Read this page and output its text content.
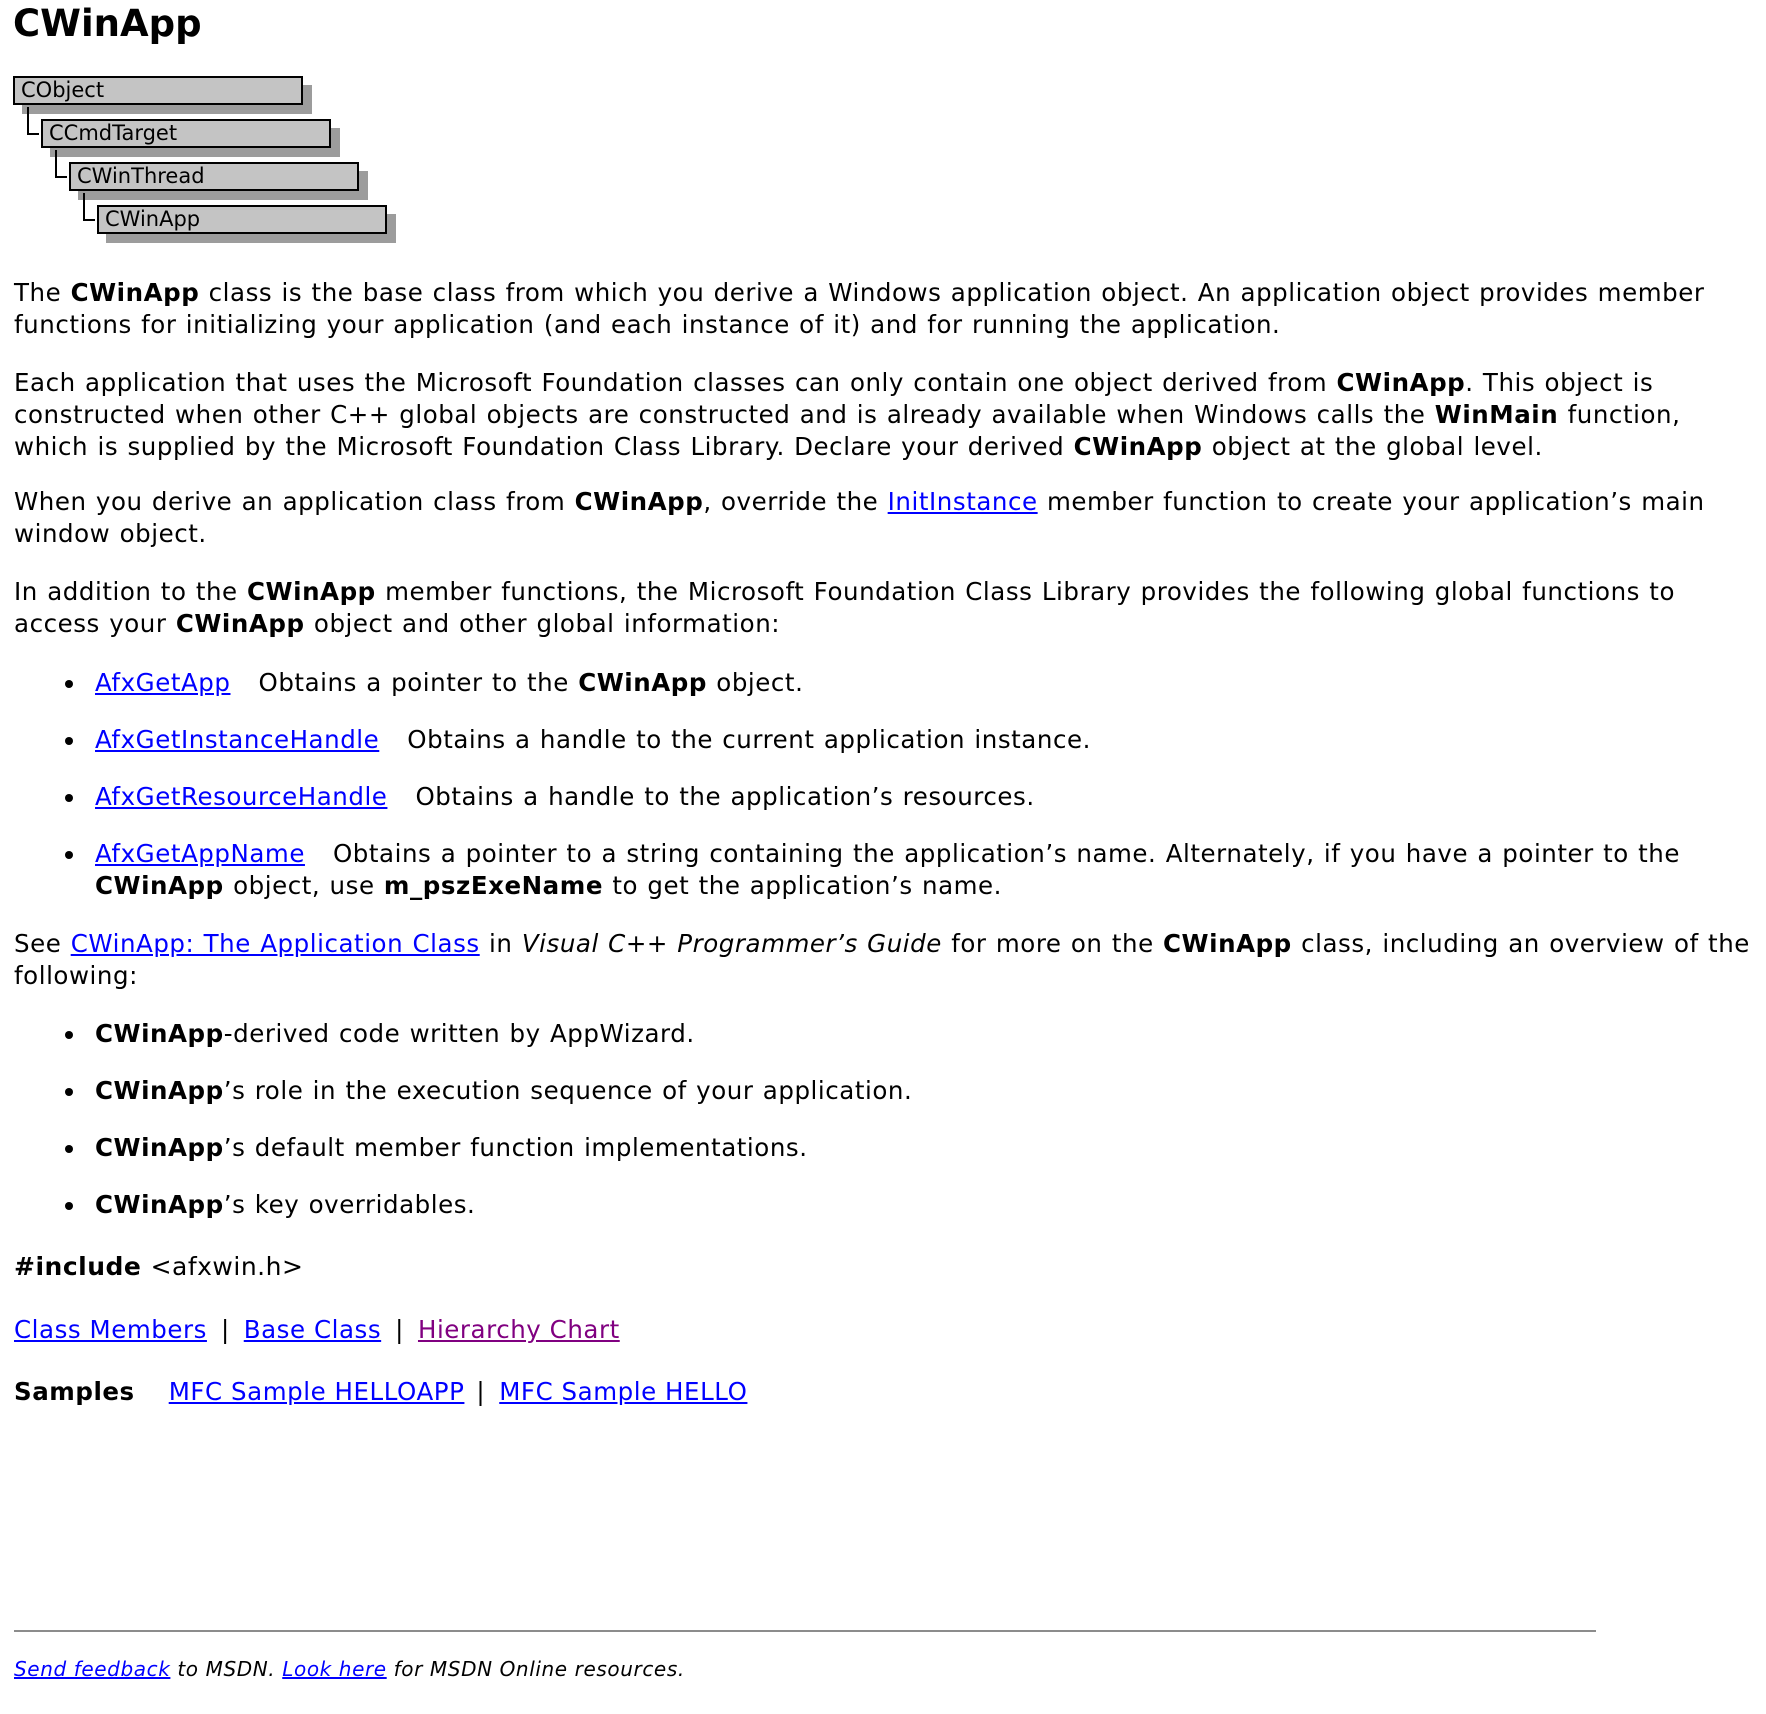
CWinApp
CObject
CCmdTarget
CWinThread
CWinApp

The CWinApp class is the base class from which you derive a Windows application object. An application object provides member functions for initializing your application (and each instance of it) and for running the application.

Each application that uses the Microsoft Foundation classes can only contain one object derived from CWinApp. This object is constructed when other C++ global objects are constructed and is already available when Windows calls the WinMain function, which is supplied by the Microsoft Foundation Class Library. Declare your derived CWinApp object at the global level.

When you derive an application class from CWinApp, override the InitInstance member function to create your application’s main window object.

In addition to the CWinApp member functions, the Microsoft Foundation Class Library provides the following global functions to access your CWinApp object and other global information:

AfxGetApp Obtains a pointer to the CWinApp object.
AfxGetInstanceHandle Obtains a handle to the current application instance.
AfxGetResourceHandle Obtains a handle to the application’s resources.
AfxGetAppName Obtains a pointer to a string containing the application’s name. Alternately, if you have a pointer to the CWinApp object, use m_pszExeName to get the application’s name.

See CWinApp: The Application Class in Visual C++ Programmer’s Guide for more on the CWinApp class, including an overview of the following:

CWinApp-derived code written by AppWizard.
CWinApp’s role in the execution sequence of your application.
CWinApp’s default member function implementations.
CWinApp’s key overridables.
#include <afxwin.h>
Class Members | Base Class | Hierarchy Chart
Samples MFC Sample HELLOAPP | MFC Sample HELLO
Send feedback to MSDN. Look here for MSDN Online resources.
